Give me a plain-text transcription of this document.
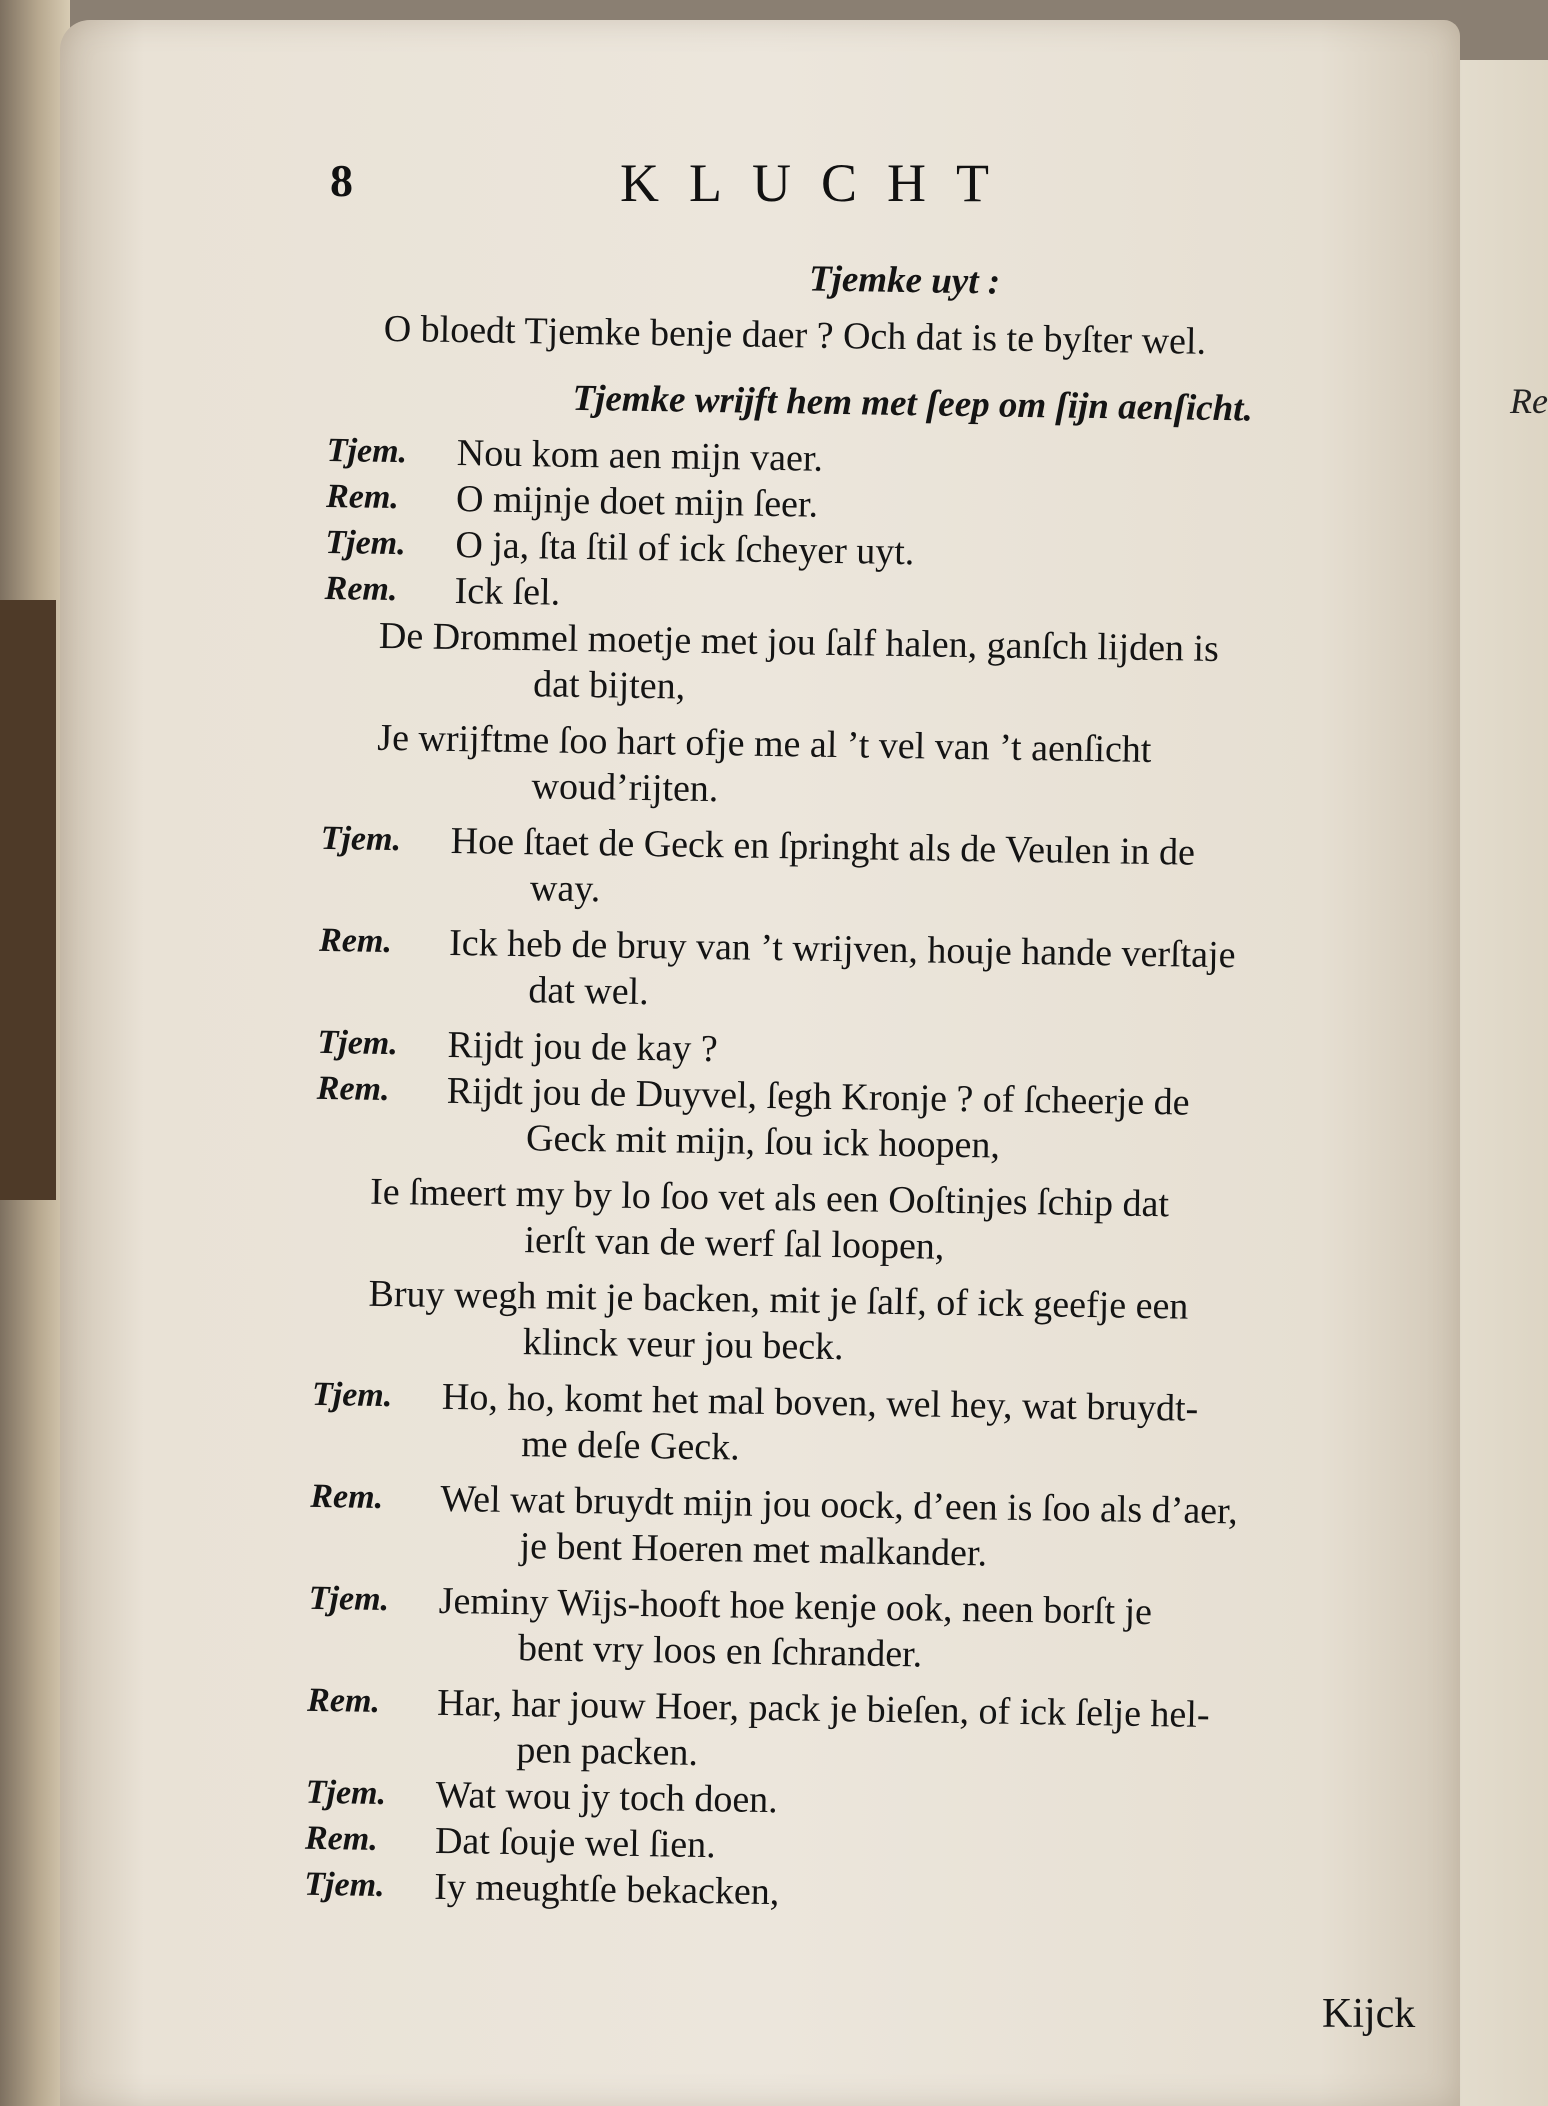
Re
8	KLUCHT

Tjemke uyt :

O bloedt Tjemke benje daer ? Och dat is te byſter wel.

Tjemke wrijft hem met ſeep om ſijn aenſicht.

Tjem.	Nou kom aen mijn vaer.
Rem.	O mijnje doet mijn ſeer.
Tjem.	O ja, ſta ſtil of ick ſcheyer uyt.
Rem.	Ick ſel.
De Drommel moetje met jou ſalf halen, ganſch lijden is
dat bijten,
Je wrijftme ſoo hart ofje me al ’t vel van ’t aenſicht
woud’rijten.
Tjem.	Hoe ſtaet de Geck en ſpringht als de Veulen in de
way.
Rem.	Ick heb de bruy van ’t wrijven, houje hande verſtaje
dat wel.
Tjem.	Rijdt jou de kay ?
Rem.	Rijdt jou de Duyvel, ſegh Kronje ? of ſcheerje de
Geck mit mijn, ſou ick hoopen,
Ie ſmeert my by lo ſoo vet als een Ooſtinjes ſchip dat
ierſt van de werf ſal loopen,
Bruy wegh mit je backen, mit je ſalf, of ick geefje een
klinck veur jou beck.
Tjem.	Ho, ho, komt het mal boven, wel hey, wat bruydt-
me deſe Geck.
Rem.	Wel wat bruydt mijn jou oock, d’een is ſoo als d’aer,
je bent Hoeren met malkander.
Tjem.	Jeminy Wijs-hooft hoe kenje ook, neen borſt je
bent vry loos en ſchrander.
Rem.	Har, har jouw Hoer, pack je bieſen, of ick ſelje hel-
pen packen.
Tjem.	Wat wou jy toch doen.
Rem.	Dat ſouje wel ſien.
Tjem.	Iy meughtſe bekacken,
Kijck
